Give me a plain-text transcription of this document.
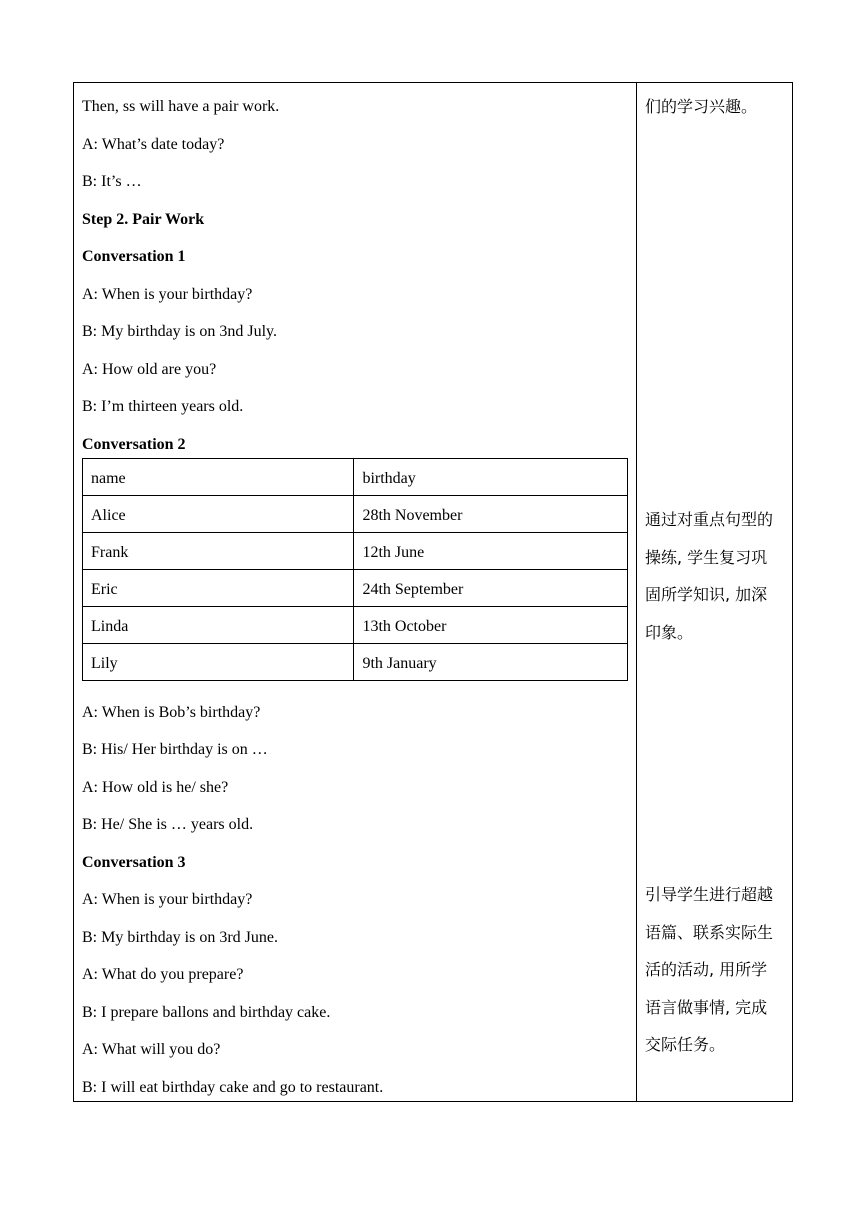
Then, ss will have a pair work.
A: What’s date today?
B: It’s …
Step 2. Pair Work
Conversation 1
A: When is your birthday?
B: My birthday is on 3nd July.
A: How old are you?
B: I’m thirteen years old.
Conversation 2
name	birthday
Alice	28th November
Frank	12th June
Eric	24th September
Linda	13th October
Lily	9th January
A: When is Bob’s birthday?
B: His/ Her birthday is on …
A: How old is he/ she?
B: He/ She is … years old.
Conversation 3
A: When is your birthday?
B: My birthday is on 3rd June.
A: What do you prepare?
B: I prepare ballons and birthday cake.
A: What will you do?
B: I will eat birthday cake and go to restaurant.
们的学习兴趣。
通过对重点句型的
操练, 学生复习巩
固所学知识, 加深
印象。
引导学生进行超越
语篇、联系实际生
活的活动, 用所学
语言做事情, 完成
交际任务。
